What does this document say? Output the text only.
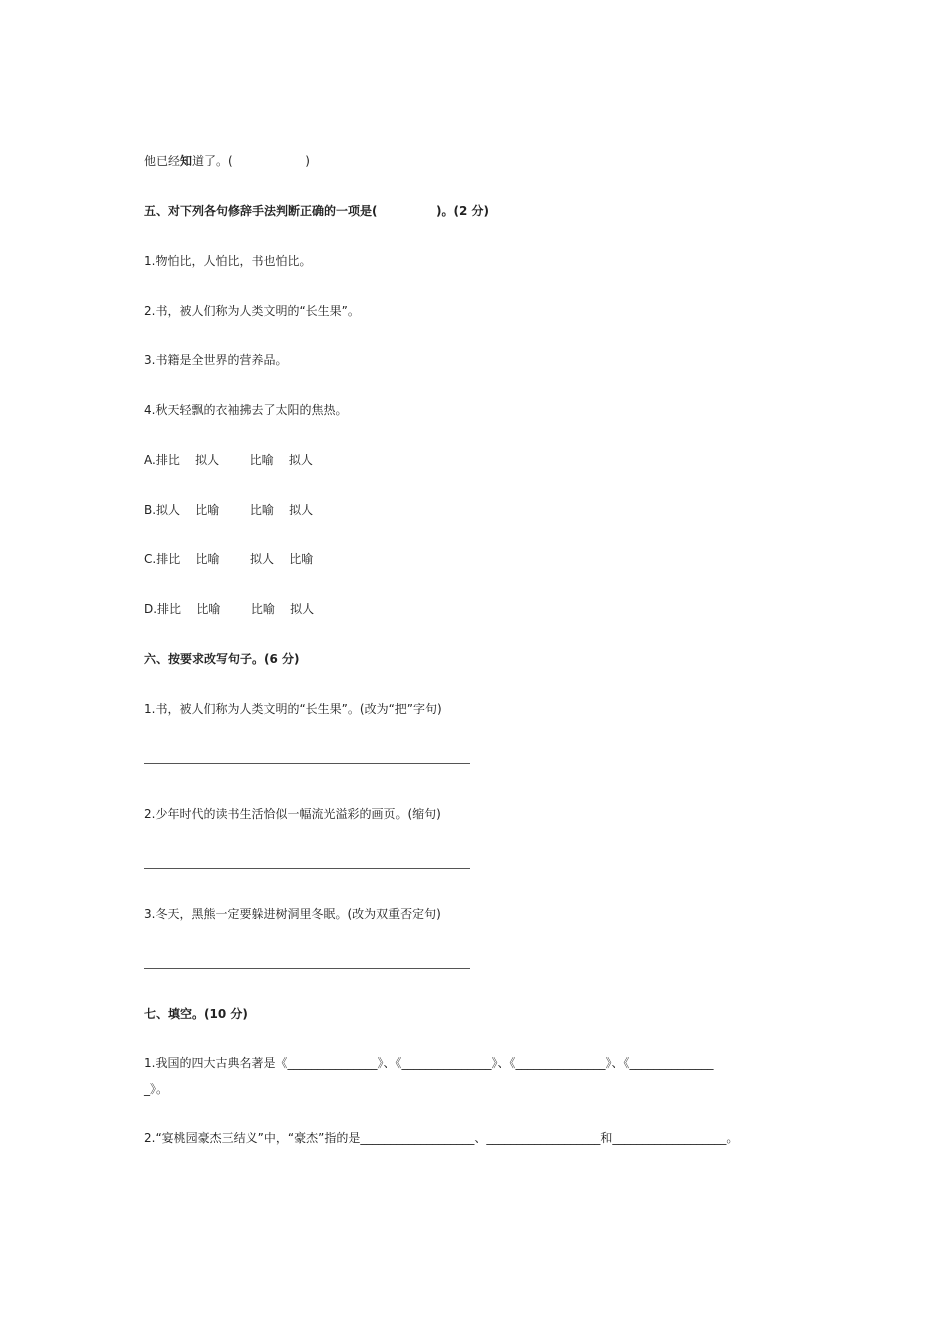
他已经知道了。(                   )
五、对下列各句修辞手法判断正确的一项是(              )。(2 分)
1.物怕比，人怕比，书也怕比。
2.书，被人们称为人类文明的“长生果”。
3.书籍是全世界的营养品。
4.秋天轻飘的衣袖拂去了太阳的焦热。
A.排比    拟人        比喻    拟人
B.拟人    比喻        比喻    拟人
C.排比    比喻        拟人    比喻
D.排比    比喻        比喻    拟人
六、按要求改写句子。(6 分)
1.书，被人们称为人类文明的“长生果”。(改为“把”字句)
2.少年时代的读书生活恰似一幅流光溢彩的画页。(缩句)
3.冬天，黑熊一定要躲进树洞里冬眠。(改为双重否定句)
七、填空。(10 分)
1.我国的四大古典名著是《_______________》、《_______________》、《_______________》、《______________
_》。
2.“宴桃园豪杰三结义”中，“豪杰”指的是___________________、___________________和___________________。
